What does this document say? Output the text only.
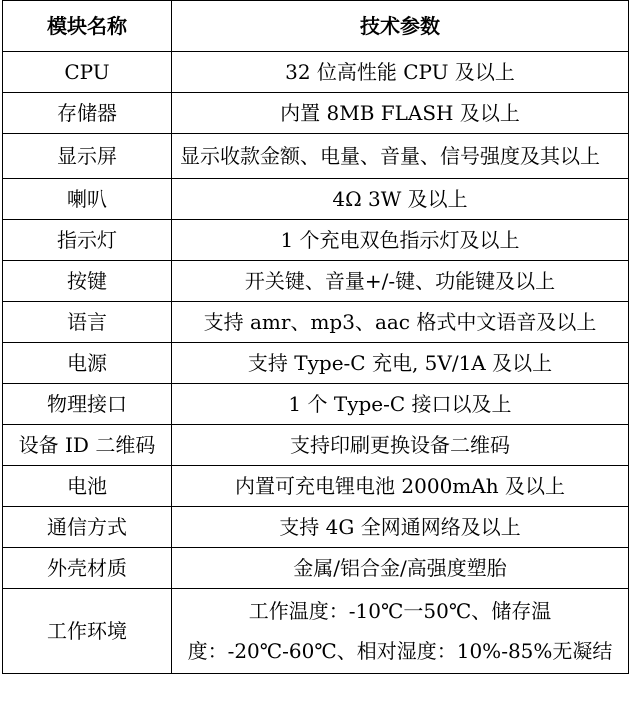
模块名称	技术参数
CPU	32 位高性能 CPU 及以上
存储器	内置 8MB FLASH 及以上
显示屏	显示收款金额、电量、音量、信号强度及其以上
喇叭	4Ω 3W 及以上
指示灯	1 个充电双色指示灯及以上
按键	开关键、音量+/-键、功能键及以上
语言	支持 amr、mp3、aac 格式中文语音及以上
电源	支持 Type-C 充电, 5V/1A 及以上
物理接口	1 个 Type-C 接口以及上
设备 ID 二维码	支持印刷更换设备二维码
电池	内置可充电锂电池 2000mAh 及以上
通信方式	支持 4G 全网通网络及以上
外壳材质	金属/铝合金/高强度塑胎
工作环境	工作温度：-10℃一50℃、储存温度：-20℃-60℃、相对湿度：10%-85%无凝结
